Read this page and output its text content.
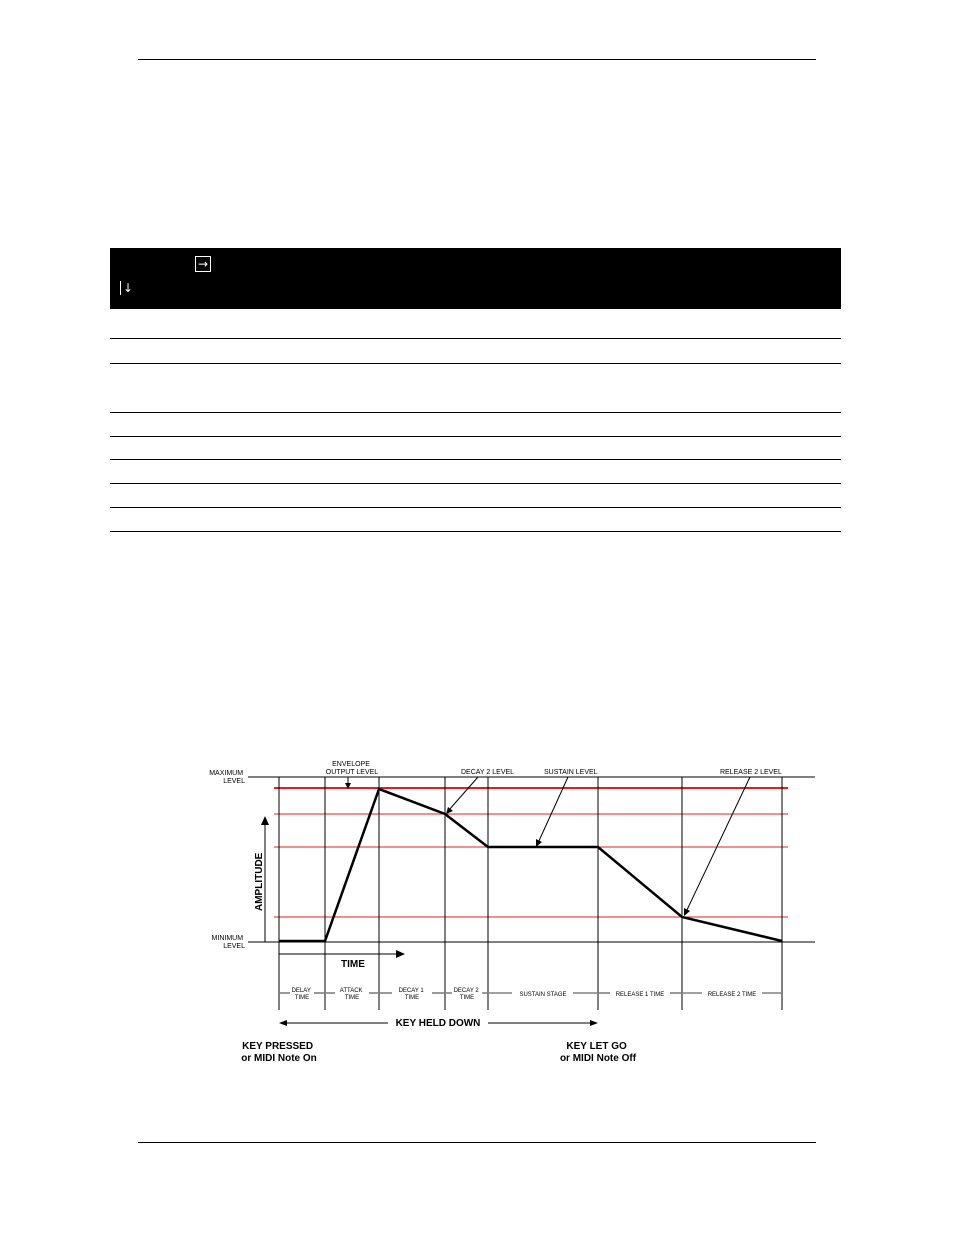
→
↓
AMPLITUDE
TIME
MAXIMUM LEVEL
MINIMUM LEVEL
ENVELOPE OUTPUT LEVEL	DECAY 2 LEVEL	SUSTAIN LEVEL	RELEASE 2 LEVEL
DELAY TIME
ATTACK TIME
DECAY 1 TIME
DECAY 2 TIME	SUSTAIN STAGE	RELEASE 1 TIME	RELEASE 2 TIME
KEY HELD DOWN
KEY PRESSED or MIDI Note On
KEY LET GO or MIDI Note Off
